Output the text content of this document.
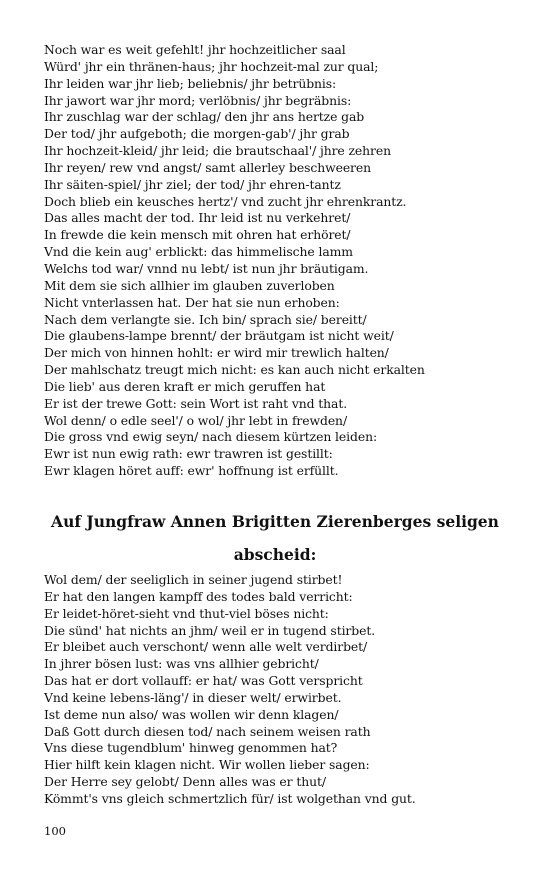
Noch war es weit gefehlt! jhr hochzeitlicher saal
Würd' jhr ein thränen-haus; jhr hochzeit-mal zur qual;
Ihr leiden war jhr lieb; beliebnis/ jhr betrübnis:
Ihr jawort war jhr mord; verlöbnis/ jhr begräbnis:
Ihr zuschlag war der schlag/ den jhr ans hertze gab
Der tod/ jhr aufgeboth; die morgen-gab'/ jhr grab
Ihr hochzeit-kleid/ jhr leid; die brautschaal'/ jhre zehren
Ihr reyen/ rew vnd angst/ samt allerley beschweeren
Ihr säiten-spiel/ jhr ziel; der tod/ jhr ehren-tantz
Doch blieb ein keusches hertz'/ vnd zucht jhr ehrenkrantz.
Das alles macht der tod. Ihr leid ist nu verkehret/
In frewde die kein mensch mit ohren hat erhöret/
Vnd die kein aug' erblickt: das himmelische lamm
Welchs tod war/ vnnd nu lebt/ ist nun jhr bräutigam.
Mit dem sie sich allhier im glauben zuverloben
Nicht vnterlassen hat. Der hat sie nun erhoben:
Nach dem verlangte sie. Ich bin/ sprach sie/ bereitt/
Die glaubens-lampe brennt/ der bräutgam ist nicht weit/
Der mich von hinnen hohlt: er wird mir trewlich halten/
Der mahlschatz treugt mich nicht: es kan auch nicht erkalten
Die lieb' aus deren kraft er mich geruffen hat
Er ist der trewe Gott: sein Wort ist raht vnd that.
Wol denn/ o edle seel'/ o wol/ jhr lebt in frewden/
Die gross vnd ewig seyn/ nach diesem kürtzen leiden:
Ewr ist nun ewig rath: ewr trawren ist gestillt:
Ewr klagen höret auff: ewr' hoffnung ist erfüllt.
Auf Jungfraw Annen Brigitten Zierenberges seligen
abscheid:
Wol dem/ der seeliglich in seiner jugend stirbet!
Er hat den langen kampff des todes bald verricht:
Er leidet-höret-sieht vnd thut-viel böses nicht:
Die sünd' hat nichts an jhm/ weil er in tugend stirbet.
Er bleibet auch verschont/ wenn alle welt verdirbet/
In jhrer bösen lust: was vns allhier gebricht/
Das hat er dort vollauff: er hat/ was Gott verspricht
Vnd keine lebens-läng'/ in dieser welt/ erwirbet.
Ist deme nun also/ was wollen wir denn klagen/
Daß Gott durch diesen tod/ nach seinem weisen rath
Vns diese tugendblum' hinweg genommen hat?
Hier hilft kein klagen nicht. Wir wollen lieber sagen:
Der Herre sey gelobt/ Denn alles was er thut/
Kömmt's vns gleich schmertzlich für/ ist wolgethan vnd gut.
100
